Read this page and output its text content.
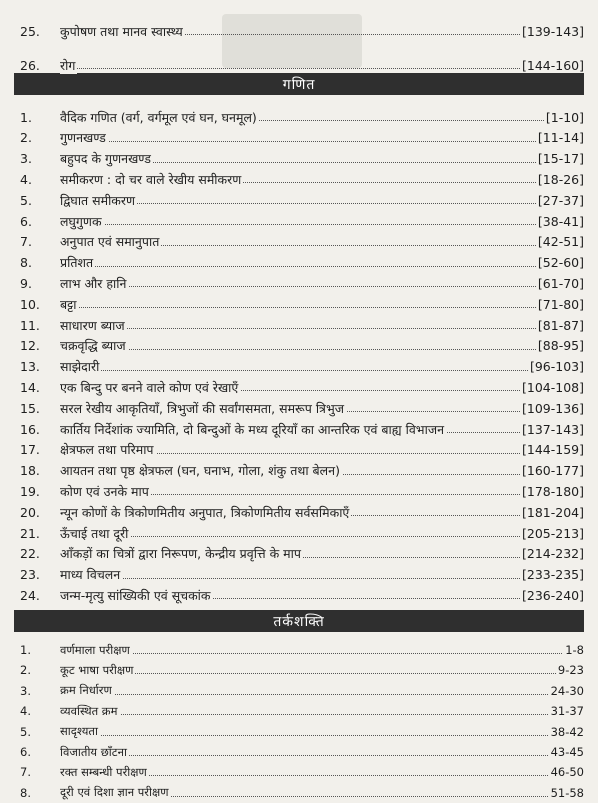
25.	कुपोषण तथा मानव स्वास्थ्य	[139-143]
26.	रोग	[144-160]
गणित
1.	वैदिक गणित (वर्ग, वर्गमूल एवं घन, घनमूल)	[1-10]
2.	गुणनखण्ड	[11-14]
3.	बहुपद के गुणनखण्ड	[15-17]
4.	समीकरण : दो चर वाले रेखीय समीकरण	[18-26]
5.	द्विघात समीकरण	[27-37]
6.	लघुगुणक	[38-41]
7.	अनुपात एवं समानुपात	[42-51]
8.	प्रतिशत	[52-60]
9.	लाभ और हानि	[61-70]
10.	बट्टा	[71-80]
11.	साधारण ब्याज	[81-87]
12.	चक्रवृद्धि ब्याज	[88-95]
13.	साझेदारी	[96-103]
14.	एक बिन्दु पर बनने वाले कोण एवं रेखाएँ	[104-108]
15.	सरल रेखीय आकृतियाँ, त्रिभुजों की सर्वांगसमता, समरूप त्रिभुज	[109-136]
16.	कार्तिय निर्देशांक ज्यामिति, दो बिन्दुओं के मध्य दूरियाँ का आन्तरिक एवं बाह्य विभाजन	[137-143]
17.	क्षेत्रफल तथा परिमाप	[144-159]
18.	आयतन तथा पृष्ठ क्षेत्रफल (घन, घनाभ, गोला, शंकु तथा बेलन)	[160-177]
19.	कोण एवं उनके माप	[178-180]
20.	न्यून कोणों के त्रिकोणमितीय अनुपात, त्रिकोणमितीय सर्वसमिकाएँ	[181-204]
21.	ऊँचाई तथा दूरी	[205-213]
22.	आँकड़ों का चित्रों द्वारा निरूपण, केन्द्रीय प्रवृत्ति के माप	[214-232]
23.	माध्य विचलन	[233-235]
24.	जन्म-मृत्यु सांख्यिकी एवं सूचकांक	[236-240]
तर्कशक्ति
1.	वर्णमाला परीक्षण	1-8
2.	कूट भाषा परीक्षण	9-23
3.	क्रम निर्धारण	24-30
4.	व्यवस्थित क्रम	31-37
5.	सादृश्यता	38-42
6.	विजातीय छाँटना	43-45
7.	रक्त सम्बन्धी परीक्षण	46-50
8.	दूरी एवं दिशा ज्ञान परीक्षण	51-58
